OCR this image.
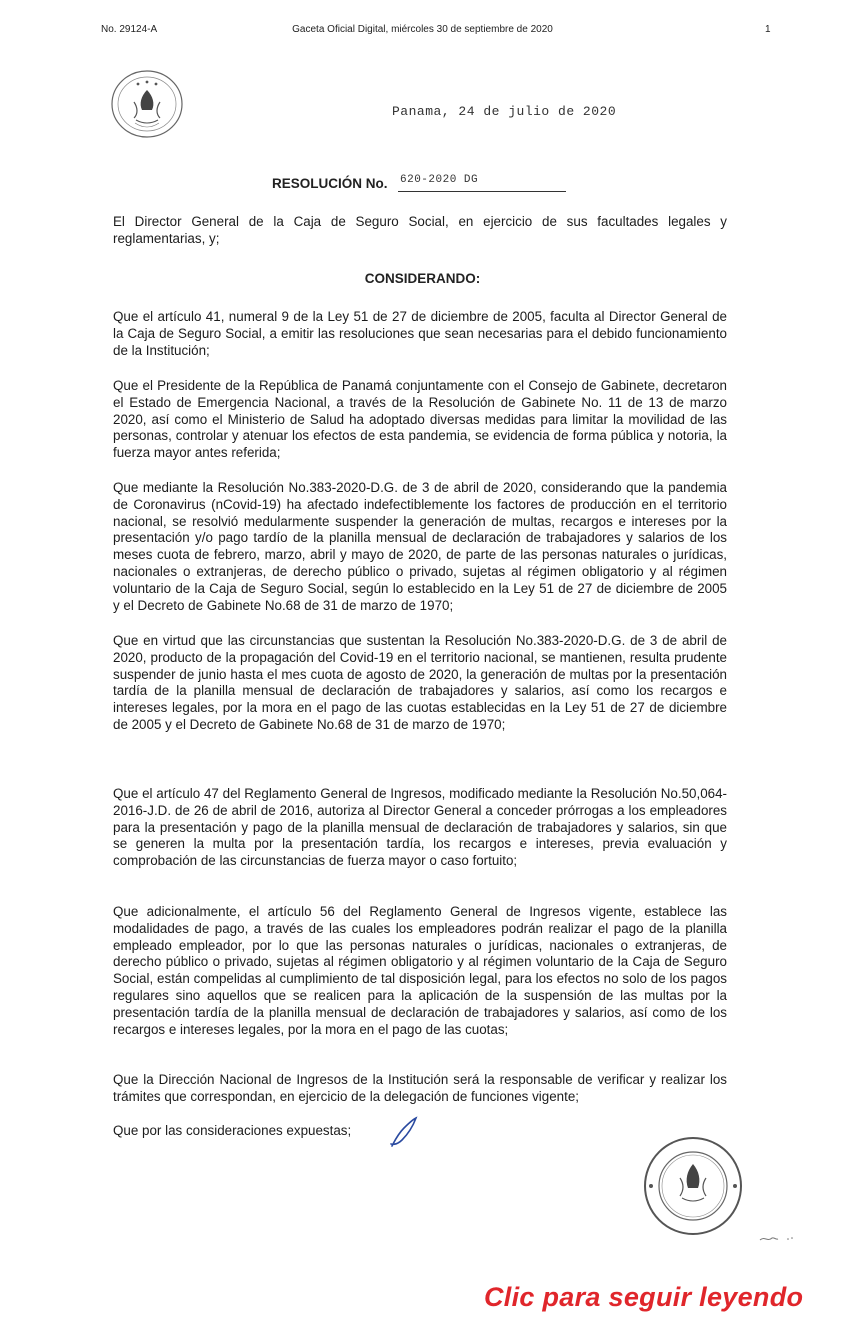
No. 29124-A	Gaceta Oficial Digital, miércoles 30 de septiembre de 2020	1
Panama, 24 de julio de 2020
RESOLUCIÓN No. 620-2020 DG

El Director General de la Caja de Seguro Social, en ejercicio de sus facultades legales y reglamentarias, y;

CONSIDERANDO:

Que el artículo 41, numeral 9 de la Ley 51 de 27 de diciembre de 2005, faculta al Director General de la Caja de Seguro Social, a emitir las resoluciones que sean necesarias para el debido funcionamiento de la Institución;

Que el Presidente de la República de Panamá conjuntamente con el Consejo de Gabinete, decretaron el Estado de Emergencia Nacional, a través de la Resolución de Gabinete No. 11 de 13 de marzo 2020, así como el Ministerio de Salud ha adoptado diversas medidas para limitar la movilidad de las personas, controlar y atenuar los efectos de esta pandemia, se evidencia de forma pública y notoria, la fuerza mayor antes referida;

Que mediante la Resolución No.383-2020-D.G. de 3 de abril de 2020, considerando que la pandemia de Coronavirus (nCovid-19) ha afectado indefectiblemente los factores de producción en el territorio nacional, se resolvió medularmente suspender la generación de multas, recargos e intereses por la presentación y/o pago tardío de la planilla mensual de declaración de trabajadores y salarios de los meses cuota de febrero, marzo, abril y mayo de 2020, de parte de las personas naturales o jurídicas, nacionales o extranjeras, de derecho público o privado, sujetas al régimen obligatorio y al régimen voluntario de la Caja de Seguro Social, según lo establecido en la Ley 51 de 27 de diciembre de 2005 y el Decreto de Gabinete No.68 de 31 de marzo de 1970;

Que en virtud que las circunstancias que sustentan la Resolución No.383-2020-D.G. de 3 de abril de 2020, producto de la propagación del Covid-19 en el territorio nacional, se mantienen, resulta prudente suspender de junio hasta el mes cuota de agosto de 2020, la generación de multas por la presentación tardía de la planilla mensual de declaración de trabajadores y salarios, así como los recargos e intereses legales, por la mora en el pago de las cuotas establecidas en la Ley 51 de 27 de diciembre de 2005 y el Decreto de Gabinete No.68 de 31 de marzo de 1970;

Que el artículo 47 del Reglamento General de Ingresos, modificado mediante la Resolución No.50,064-2016-J.D. de 26 de abril de 2016, autoriza al Director General a conceder prórrogas a los empleadores para la presentación y pago de la planilla mensual de declaración de trabajadores y salarios, sin que se generen la multa por la presentación tardía, los recargos e intereses, previa evaluación y comprobación de las circunstancias de fuerza mayor o caso fortuito;

Que adicionalmente, el artículo 56 del Reglamento General de Ingresos vigente, establece las modalidades de pago, a través de las cuales los empleadores podrán realizar el pago de la planilla empleado empleador, por lo que las personas naturales o jurídicas, nacionales o extranjeras, de derecho público o privado, sujetas al régimen obligatorio y al régimen voluntario de la Caja de Seguro Social, están compelidas al cumplimiento de tal disposición legal, para los efectos no solo de los pagos regulares sino aquellos que se realicen para la aplicación de la suspensión de las multas por la presentación tardía de la planilla mensual de declaración de trabajadores y salarios, así como de los recargos e intereses legales, por la mora en el pago de las cuotas;

Que la Dirección Nacional de Ingresos de la Institución será la responsable de verificar y realizar los trámites que correspondan, en ejercicio de la delegación de funciones vigente;

Que por las consideraciones expuestas;

Clic para seguir leyendo
